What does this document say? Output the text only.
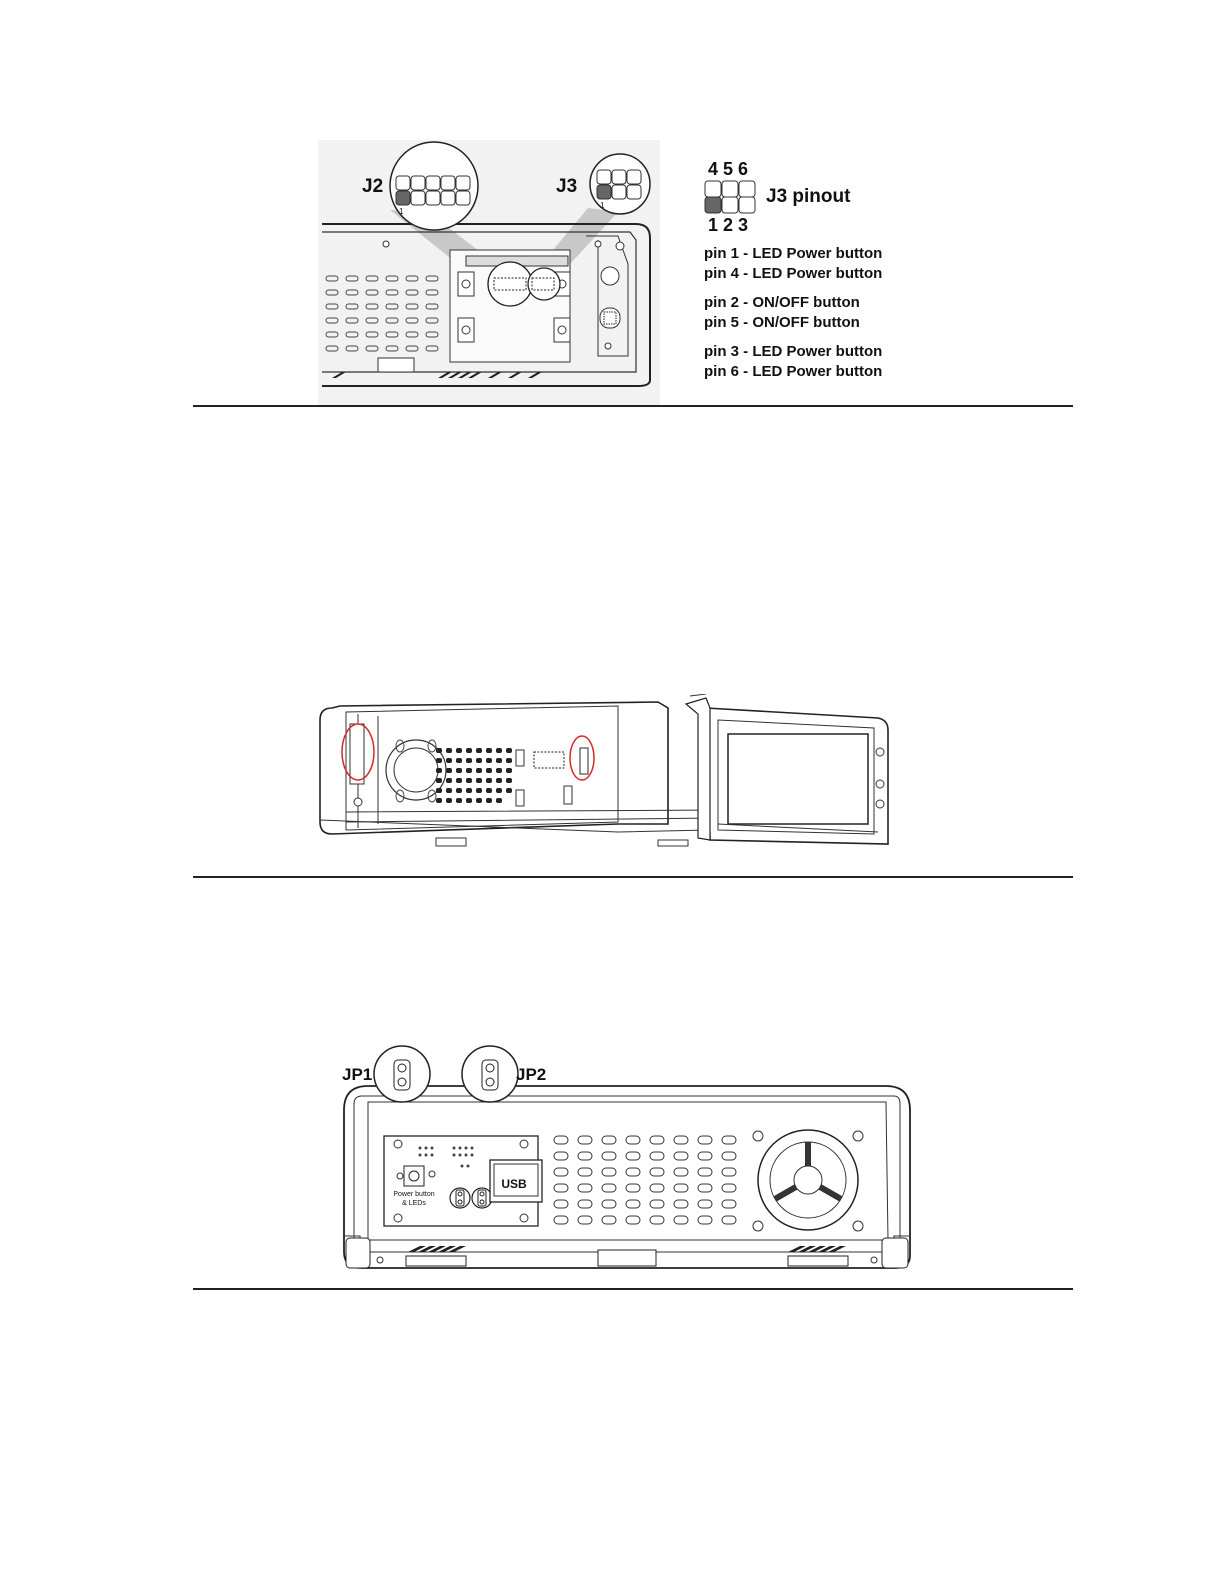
1
1
J2	J3
4 5 6
J3 pinout
1 2 3
pin 1 - LED Power button
pin 4 - LED Power button
pin 2 - ON/OFF button
pin 5 - ON/OFF button
pin 3 - LED Power button
pin 6 - LED Power button
Power button
& LEDs
USB
JP1	JP2
